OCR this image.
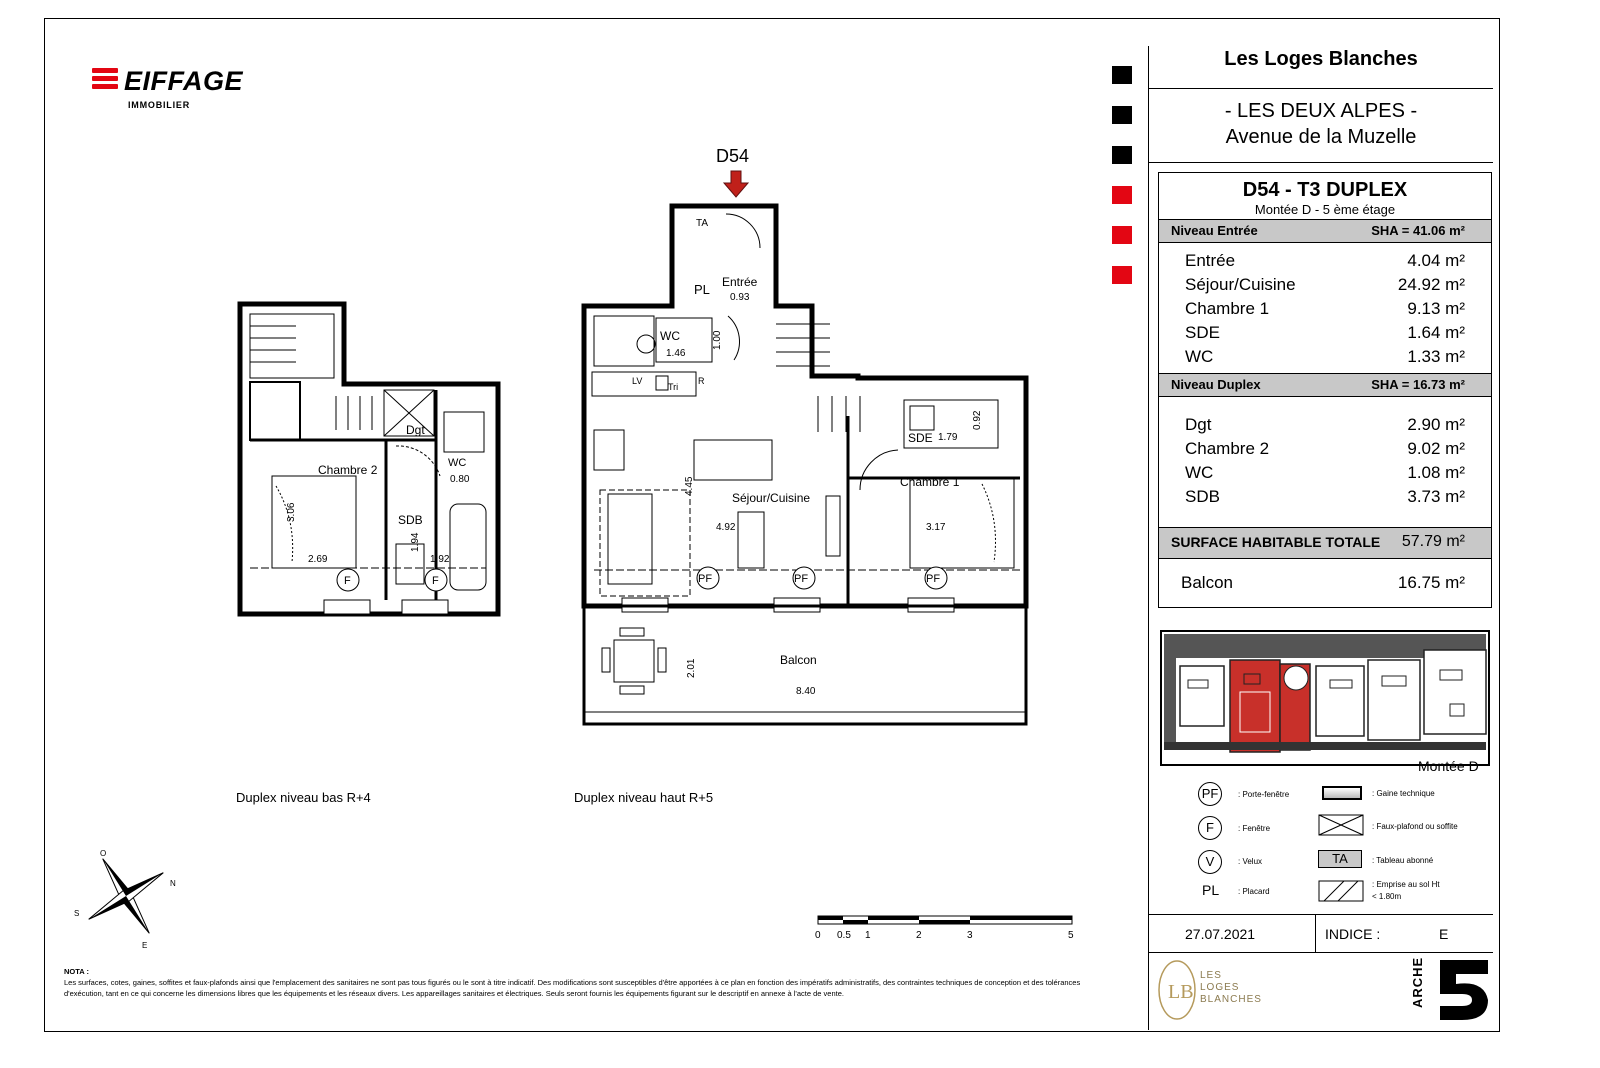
EIFFAGE
IMMOBILIER
Les Loges Blanches
- LES DEUX ALPES -
Avenue de la Muzelle
27.07.2021	INDICE :	E
D54 - T3 DUPLEX
Montée D - 5 ème étage
Niveau Entrée	SHA = 41.06 m²
Entrée	4.04 m²
Séjour/Cuisine	24.92 m²
Chambre 1	9.13 m²
SDE	1.64 m²
WC	1.33 m²
Niveau Duplex	SHA = 16.73 m²
Dgt	2.90 m²
Chambre 2	9.02 m²
WC	1.08 m²
SDB	3.73 m²
SURFACE HABITABLE TOTALE 57.79 m²
Balcon	16.75 m²
Montée D
PF	: Porte-fenêtre
F	: Fenêtre
V	: Velux
PL : Placard
: Gaine technique
: Faux-plafond ou soffite
TA	: Tableau abonné
: Emprise au sol Ht
< 1.80m
LB
LES
LOGES
BLANCHES	ARCHE
D54
Dgt
Chambre 2	WC
SDB
3.06
2.69	1.92
0.80
1.94
F	F
Duplex niveau bas R+4
TA
Entrée
0.93
PL
WC
1.46
1.00
LV
Tri
R
Séjour/Cuisine
4.92
4.45	Chambre 1
3.17
SDE 1.79
0.92
Balcon
2.01
8.40
PF	PF	PF
Duplex niveau haut R+5
O
N
S
E
0 0.5 1	2	3	5
NOTA :
Les surfaces, cotes, gaines, soffites et faux-plafonds ainsi que l'emplacement des sanitaires ne sont pas tous figurés ou le sont à titre indicatif. Des modifications sont susceptibles d'être apportées à ce plan en fonction des impératifs administratifs, des contraintes techniques de conception et des tolérances d'exécution, tant en ce qui concerne les dimensions libres que les équipements et les réseaux divers. Les appareillages sanitaires et électriques. Seuls seront fournis les équipements figurant sur le descriptif en annexe à l'acte de vente.
